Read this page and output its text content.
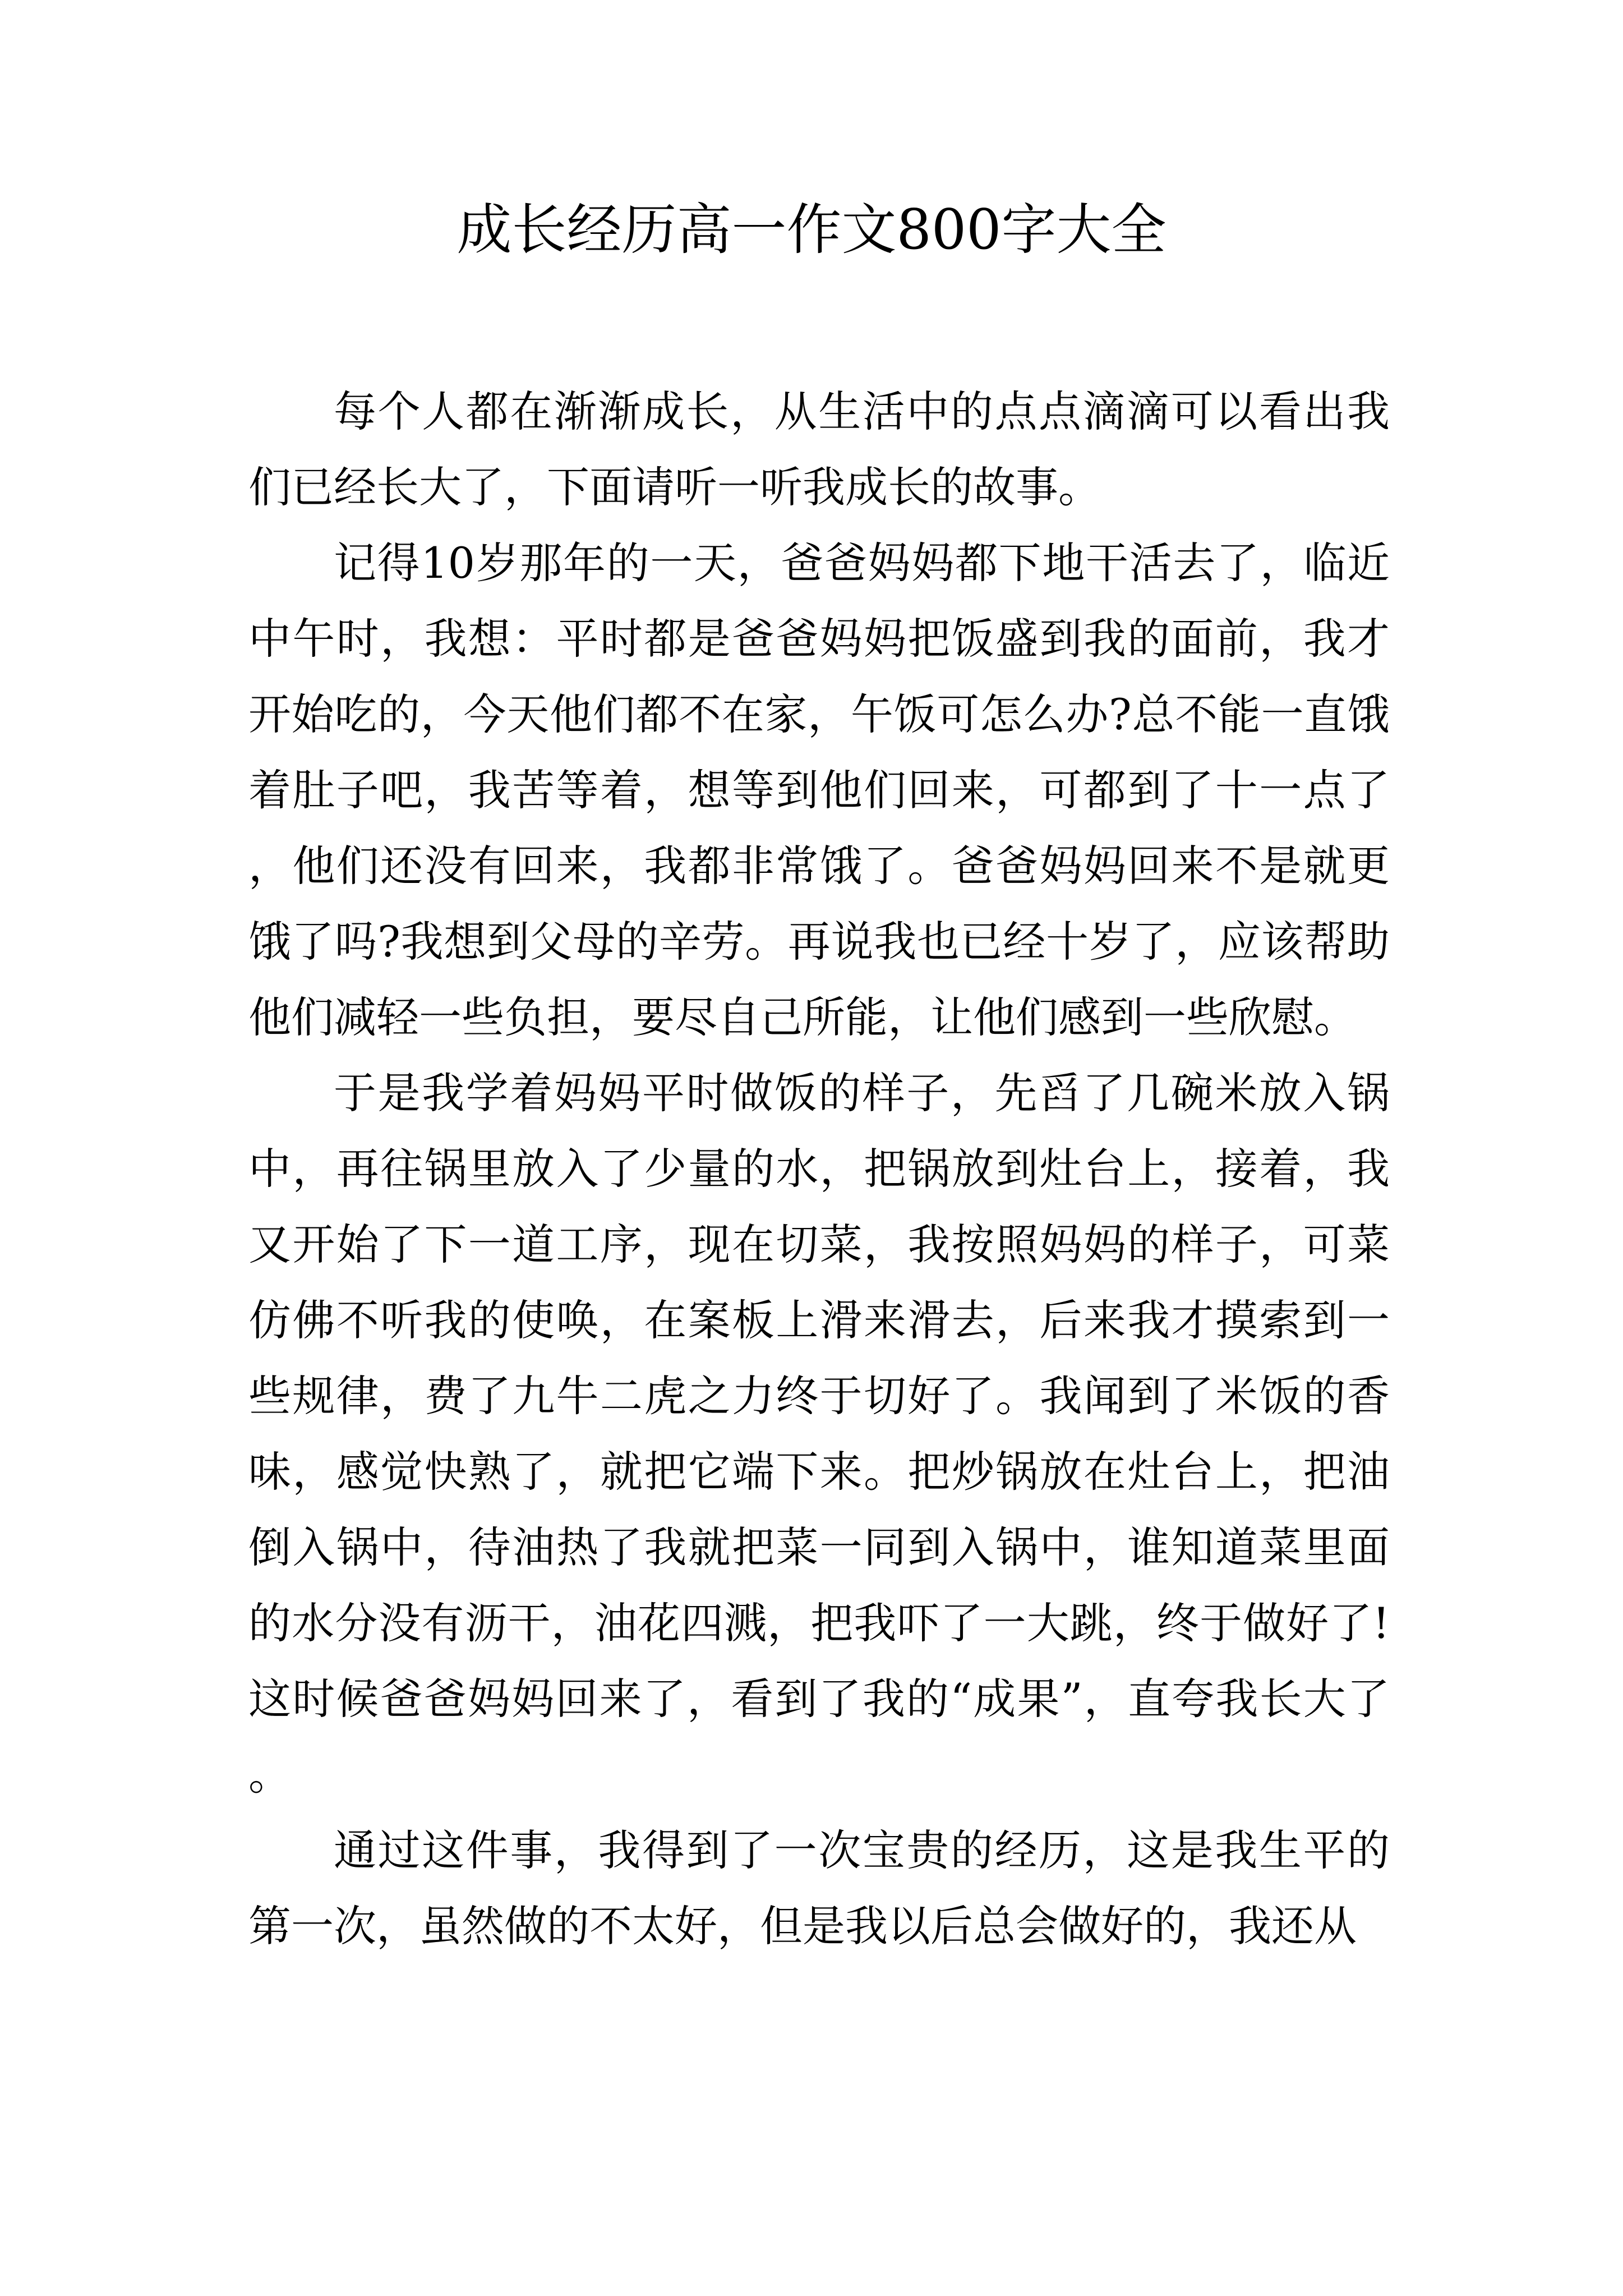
成长经历高一作文800字大全

每个人都在渐渐成长，从生活中的点点滴滴可以看出我们已经长大了，下面请听一听我成长的故事。

记得10岁那年的一天，爸爸妈妈都下地干活去了，临近中午时，我想：平时都是爸爸妈妈把饭盛到我的面前，我才开始吃的，今天他们都不在家，午饭可怎么办?总不能一直饿着肚子吧，我苦等着，想等到他们回来，可都到了十一点了，他们还没有回来，我都非常饿了。爸爸妈妈回来不是就更饿了吗?我想到父母的辛劳。再说我也已经十岁了，应该帮助他们减轻一些负担，要尽自己所能，让他们感到一些欣慰。

于是我学着妈妈平时做饭的样子，先舀了几碗米放入锅中，再往锅里放入了少量的水，把锅放到灶台上，接着，我又开始了下一道工序，现在切菜，我按照妈妈的样子，可菜仿佛不听我的使唤，在案板上滑来滑去，后来我才摸索到一些规律，费了九牛二虎之力终于切好了。我闻到了米饭的香味，感觉快熟了，就把它端下来。把炒锅放在灶台上，把油倒入锅中，待油热了我就把菜一同到入锅中，谁知道菜里面的水分没有沥干，油花四溅，把我吓了一大跳，终于做好了!这时候爸爸妈妈回来了，看到了我的“成果”，直夸我长大了。

通过这件事，我得到了一次宝贵的经历，这是我生平的第一次，虽然做的不太好，但是我以后总会做好的，我还从
